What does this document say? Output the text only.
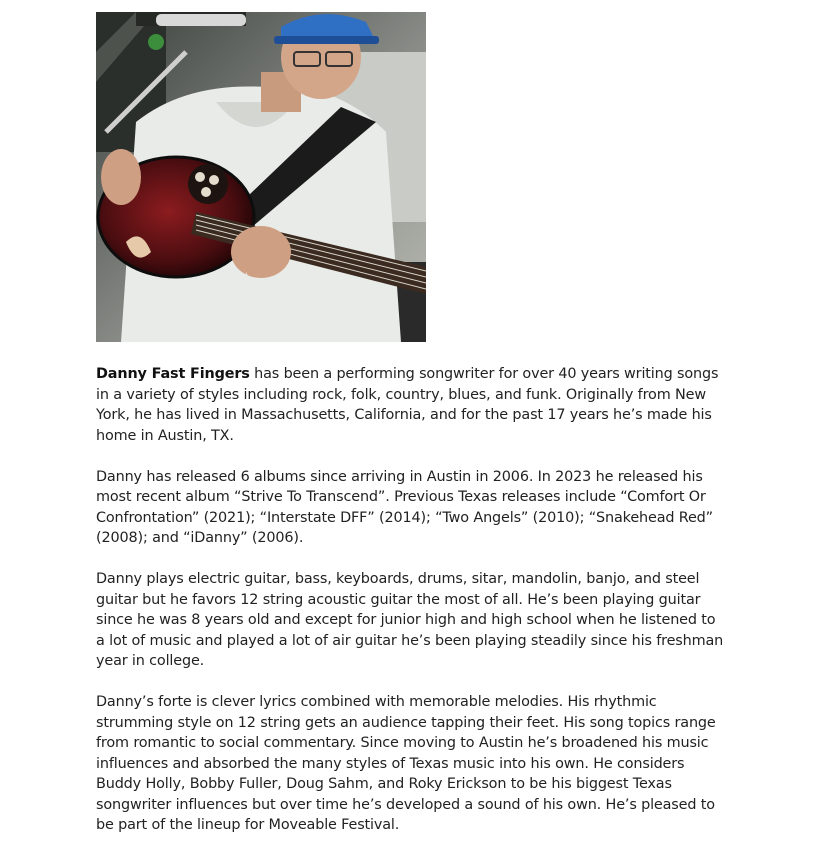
Danny Fast Fingers has been a performing songwriter for over 40 years writing songs in a variety of styles including rock, folk, country, blues, and funk. Originally from New York, he has lived in Massachusetts, California, and for the past 17 years he’s made his home in Austin, TX.

Danny has released 6 albums since arriving in Austin in 2006. In 2023 he released his most recent album “Strive To Transcend”. Previous Texas releases include “Comfort Or Confrontation” (2021); “Interstate DFF” (2014); “Two Angels” (2010); “Snakehead Red” (2008); and “iDanny” (2006).

Danny plays electric guitar, bass, keyboards, drums, sitar, mandolin, banjo, and steel guitar but he favors 12 string acoustic guitar the most of all. He’s been playing guitar since he was 8 years old and except for junior high and high school when he listened to a lot of music and played a lot of air guitar he’s been playing steadily since his freshman year in college.

Danny’s forte is clever lyrics combined with memorable melodies. His rhythmic strumming style on 12 string gets an audience tapping their feet. His song topics range from romantic to social commentary. Since moving to Austin he’s broadened his music influences and absorbed the many styles of Texas music into his own. He considers Buddy Holly, Bobby Fuller, Doug Sahm, and Roky Erickson to be his biggest Texas songwriter influences but over time he’s developed a sound of his own. He’s pleased to be part of the lineup for Moveable Festival.
